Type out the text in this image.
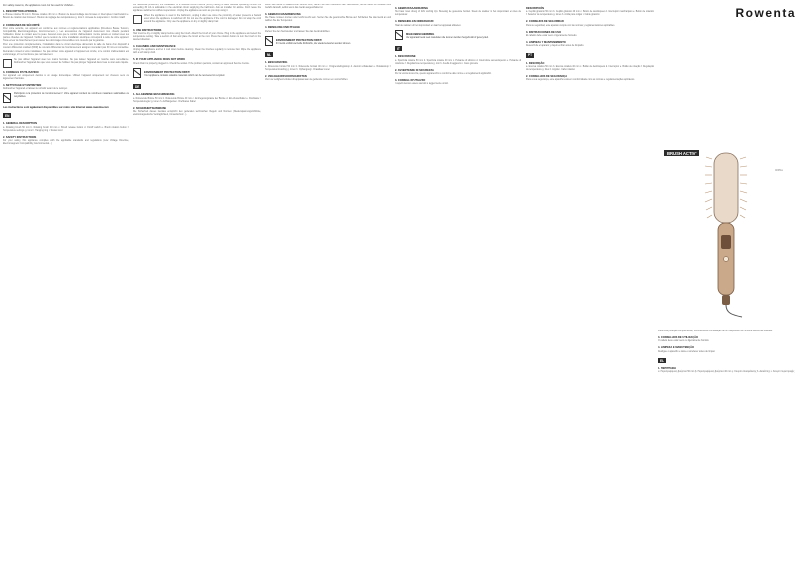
For safety reasons, the appliance must not be used for children...
1. DESCRIPTION APPAREIL
a. Brosse rotative 50 mm b. Brosse rotative 40 mm c. Bouton de déverrouillage des brosses d. Interrupteur marche/arrêt e. Bouton de rotation des brosses f. Bouton de réglage des températures g. Ions h. Anneau de suspension i. Cordon rotatif
2. CONSIGNES DE SÉCURITÉ
Pour votre sécurité, cet appareil est conforme aux normes et réglementations applicables (Directives Basse Tension, Compatibilité Electromagnétique, Environnement...). Les accessoires de l'appareil deviennent très chauds pendant l'utilisation. Éviter le contact avec la peau. Assurez-vous que le cordon d'alimentation n'entre jamais en contact avec les parties chaudes de l'appareil. Vérifiez que la tension de votre installation électrique correspond à celle de votre appareil. Toute erreur de branchement peut causer des dommages irréversibles non couverts par la garantie.
Pour une protection complémentaire, l'installation dans le circuit électrique alimentant la salle de bains d'un dispositif à courant différentiel résiduel (DDR) de courant différentiel de fonctionnement assigné n'excédant pas 30 mA est conseillée. Demander conseil à votre installateur. Ne pas utiliser votre appareil si l'appareil est tombé, si le cordon d'alimentation est endommagé, s'il ne fonctionne pas normalement.
Ne pas utiliser l'appareil avec les mains humides. Ne pas laisser l'appareil en marche sans surveillance. Débranchez l'appareil dès que vous cessez de l'utiliser. Ne pas plonger l'appareil dans l'eau ou tout autre liquide.
3. CONSEILS D'UTILISATION
Cet appareil est uniquement destiné à un usage domestique. Utilisez l'appareil uniquement sur cheveux secs ou légèrement humides.
4. NETTOYAGE ET ENTRETIEN
Débranchez l'appareil et laissez-le refroidir avant de le nettoyer.
Participons à la protection de l'environnement ! Votre appareil contient de nombreux matériaux valorisables ou recyclables.
Les instructions sont également disponibles sur notre site Internet www.rowenta.com
EN
1. GENERAL DESCRIPTION
a. Rotating brush 50 mm b. Rotating brush 40 mm c. Brush release button d. On/off switch e. Brush rotation button f. Temperature settings g. Ions h. Hanging ring i. Swivel cord
2. SAFETY INSTRUCTIONS
For your safety, this appliance complies with the applicable standards and regulations (Low Voltage Directive, Electromagnetic Compatibility, Environmental...)
For additional protection, the installation of a residual current device (RCD) having a rated residual operating current not exceeding 30 mA is advisable in the electrical circuit supplying the bathroom. Ask an installer for advice. Don't leave the appliance switched on without supervision. Unplug the appliance as soon as you stop using it.
When the appliance is used in the bathroom, unplug it after use since the proximity of water presents a hazard even when the appliance is switched off. Do not use the appliance if the cord is damaged. Do not wrap the cord around the appliance. Only use the appliance on dry or slightly damp hair.
3. USE INSTRUCTIONS
Hair must be dry or slightly damp before using the brush. Attach the brush of your choice. Plug in the appliance and select the temperature setting. Take a section of hair and place the brush at the root. Press the rotation button to turn the brush in the desired direction.
4. CLEANING AND MAINTENANCE
Unplug the appliance and let it cool down before cleaning. Clean the brushes regularly to remove hair. Wipe the appliance with a soft damp cloth.
5. IF YOUR APPLIANCE DOES NOT WORK
Check that it is properly plugged in. Check the socket. If the problem persists, contact an approved Service Centre.
ENVIRONMENT PROTECTION FIRST!
Your appliance contains valuable materials which can be recovered or recycled.
DE
1. ALLGEMEINE BESCHREIBUNG
a. Rotierende Bürste 50 mm b. Rotierende Bürste 40 mm c. Entriegelungstaste der Bürste d. Ein-/Ausschalter e. Drehtaste f. Temperaturregler g. Ionen h. Aufhängeöse i. Drehbares Kabel
2. SICHERHEITSHINWEISE
Die Sicherheit dieses Gerätes entspricht den geltenden technischen Regeln und Normen (Niederspannungsrichtlinie, elektromagnetische Verträglichkeit, Umweltschutz...).
Wenn das Gerät im Badezimmer benutzt wird, ziehen Sie nach Gebrauch den Netzstecker, da die Nähe von Wasser eine Gefahr darstellt, selbst wenn das Gerät ausgeschaltet ist.
3. GEBRAUCHSANWEISUNG
Die Haare müssen trocken oder leicht feucht sein. Setzen Sie die gewünschte Bürste auf. Schließen Sie das Gerät an und wählen Sie die Temperatur.
4. REINIGUNG UND PFLEGE
Ziehen Sie den Netzstecker und lassen Sie das Gerät abkühlen.
ENVIRONMENT PROTECTION FIRST!
Ihr Gerät enthält wertvolle Rohstoffe, die wiederverwertet werden können.
NL
1. BESCHRIJVING
a. Roterende borstel 50 mm b. Roterende borstel 40 mm c. Ontgrendelingsknop d. Aan/uit schakelaar e. Rotatieknop f. Temperatuurinstelling g. Ionen h. Ophangoog i. Draaibaar snoer
2. VEILIGHEIDSVOORSCHRIFTEN
Voor uw veiligheid voldoet dit apparaat aan de geldende normen en voorschriften.
3. GEBRUIKSAANWIJZING
Het haar moet droog of licht vochtig zijn. Bevestig de gewenste borstel. Steek de stekker in het stopcontact en kies de temperatuur.
4. REINIGING EN ONDERHOUD
Haal de stekker uit het stopcontact en laat het apparaat afkoelen.
MILIEUBESCHERMING
Uw apparaat bevat veel materialen die kunnen worden hergebruikt of gerecycled.
IT
1. DESCRIZIONE
a. Spazzola rotante 50 mm b. Spazzola rotante 40 mm c. Pulsante di sblocco d. Interruttore acceso/spento e. Pulsante di rotazione f. Regolazione temperatura g. Ioni h. Anello di aggancio i. Cavo girevole
2. AVVERTENZE DI SICUREZZA
Per la vostra sicurezza, questo apparecchio è conforme alle norme e ai regolamenti applicabili.
3. CONSIGLI D'UTILIZZO
I capelli devono essere asciutti o leggermente umidi.
DESCRIPCIÓN
a. Cepillo giratorio 50 mm b. Cepillo giratorio 40 mm c. Botón de desbloqueo d. Interruptor marcha/paro e. Botón de rotación f. Selector de temperatura g. Iones h. Anilla para colgar i. Cable giratorio
2. CONSEJOS DE SEGURIDAD
Para su seguridad, este aparato cumple con las normas y reglamentaciones aplicables.
3. INSTRUCCIONES DE USO
El cabello debe estar seco o ligeramente húmedo.
4. LIMPIEZA Y MANTENIMIENTO
Desenchufe el aparato y déjelo enfriar antes de limpiarlo.
PT
1. DESCRIÇÃO
a. Escova rotativa 50 mm b. Escova rotativa 40 mm c. Botão de desbloqueio d. Interruptor e. Botão de rotação f. Regulação da temperatura g. Iões h. Argola i. Cabo rotativo
2. CONSELHOS DE SEGURANÇA
Para a sua segurança, este aparelho está em conformidade com as normas e regulamentações aplicáveis.
Para uma proteção complementar, recomenda-se a instalação de um dispositivo de corrente diferencial residual.
3. CONSELHOS DE UTILIZAÇÃO
O cabelo deve estar seco ou ligeiramente húmido.
4. LIMPEZA E MANUTENÇÃO
Desligue o aparelho e deixe-o arrefecer antes de limpar.
EL
1. ΠΕΡΙΓΡΑΦΗ
α. Περιστρεφόμενη βούρτσα 50 mm β. Περιστρεφόμενη βούρτσα 40 mm γ. Κουμπί απασφάλισης δ. Διακόπτης ε. Κουμπί περιστροφής
Rowenta
BRUSH ACTIV'
CF95xx
